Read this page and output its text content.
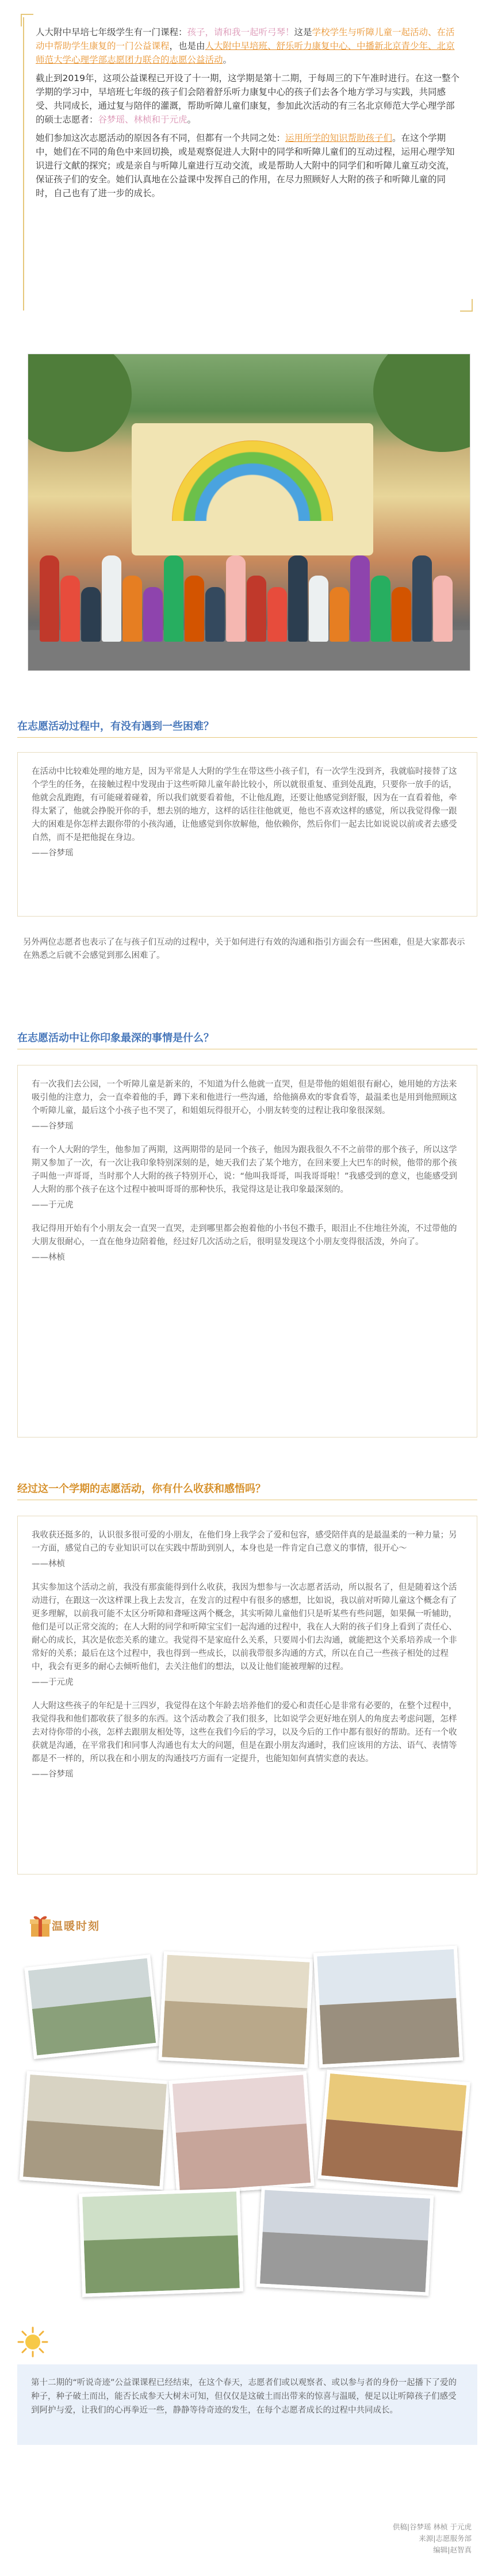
人大附中早培七年级学生有一门课程：孩子，请和我一起听弓琴！这是学校学生与听障儿童一起活动、在活动中帮助学生康复的一门公益课程，也是由人大附中早培班、舒乐听力康复中心、中播新北京青少年、北京师范大学心理学部志愿团力联合的志愿公益活动。

截止到2019年，这项公益课程已开设了十一期，这学期是第十二期，于每周三的下午准时进行。在这一整个学期的学习中，早培班七年级的孩子们会陪着舒乐听力康复中心的孩子们去各个地方学习与实践，共同感受、共同成长，通过复与陪伴的灌溉，帮助听障儿童们康复，参加此次活动的有三名北京师范大学心理学部的硕士志愿者：谷梦瑶、林桢和于元虎。

她们参加这次志愿活动的原因各有不同，但都有一个共同之处：运用所学的知识帮助孩子们。在这个学期中，她们在不同的角色中来回切换，或是观察促进人大附中的同学和听障儿童们的互动过程，运用心理学知识进行文献的探究；或是亲自与听障儿童进行互动交流，或是帮助人大附中的同学们和听障儿童互动交流，保证孩子们的安全。她们认真地在公益课中发挥自己的作用，在尽力照顾好人大附的孩子和听障儿童的同时，自己也有了进一步的成长。

在志愿活动过程中，有没有遇到一些困难？

在活动中比较难处理的地方是，因为平常是人大附的学生在带这些小孩子们，有一次学生没到齐，我就临时接替了这个学生的任务，在接触过程中发现由于这些听障儿童年龄比较小，所以就很重复、重到处乱跑，只要你一放手的话，他就会乱跑跑，有可能碰着碰着，所以我们就要看着他，不让他乱跑，还要让他感觉到舒服，因为在一直看着他，牵得太紧了，他就会挣脱开你的手，想去别的地方，这样的话往往他就更，他也不喜欢这样的感觉，所以我觉得像一跟大的困难是你怎样去跟你带的小孩沟通，让他感觉到你放解他，他依赖你，然后你们一起去比如说说以前或者去感受自然，而不是把他捉在身边。

——谷梦瑶

另外两位志愿者也表示了在与孩子们互动的过程中，关于如何进行有效的沟通和指引方面会有一些困难，但是大家都表示在熟悉之后就不会感觉到那么困难了。
在志愿活动中让你印象最深的事情是什么？

有一次我们去公园，一个听障儿童是新来的，不知道为什么他就一直哭，但是带他的姐姐很有耐心，她用她的方法来吸引他的注意力，会一直牵着他的手，蹲下来和他进行一些沟通，给他摘鼻欢的零食看等，最温柔也是用到他照顾这个听障儿童，最后这个小孩子也不哭了，和姐姐玩得很开心，小朋友转变的过程让我印象很深刻。

——谷梦瑶

有一个人大附的学生，他参加了两期，这两期带的是同一个孩子，他因为跟我很久不不之前带的那个孩子，所以这学期又参加了一次，有一次让我印象特别深刻的是，她天我们去了某个地方，在回来要上大巴车的时候，他带的那个孩子叫他一声哥哥，当时那个人大附的孩子特别开心，说：“他叫我哥哥，叫我哥哥啦！”我感受到的意义，也能感受到人大附的那个孩子在这个过程中被叫哥哥的那种快乐，我觉得这是让我印象最深刻的。

——于元虎

我记得用开始有个小朋友会一直哭一直哭，走到哪里都会抱着他的小书包不撒手，眼泪止不住地往外流，不过带他的大朋友很耐心，一直在他身边陪着他，经过好几次活动之后，很明显发现这个小朋友变得很活泼，外向了。

——林桢

经过这一个学期的志愿活动，你有什么收获和感悟吗？

我收获还挺多的，认识很多很可爱的小朋友，在他们身上我学会了爱和包容，感受陪伴真的是最温柔的一种力量；另一方面，感觉自己的专业知识可以在实践中帮助到别人，本身也是一件肯定自己意义的事情，很开心～

——林桢

其实参加这个活动之前，我没有那蛮能得到什么收获，我因为想参与一次志愿者活动，所以报名了，但是随着这个活动进行，在跟这一次这样课上我上去发言，在发言的过程中有很多的感想，比如说，我以前对听障儿童这个概念有了更多理解，以前我可能不太区分听障和聋哑这两个概念，其实听障儿童他们只是听某些有些问题，如果佩一听辅助，他们是可以正常交流的；在人大附的同学和听障宝宝们一起沟通的过程中，我在人大附的孩子们身上看到了责任心、耐心的成长，其次是依恋关系的建立。我觉得不是家庭什么关系，只要周小们去沟通，就能把这个关系培养成一个非常好的关系；最后在这个过程中，我也得到一些成长，以前我带很多沟通的方式，所以在自己一些孩子相处的过程中，我会有更多的耐心去倾听他们，去关注他们的想法，以及让他们能被理解的过程。

——于元虎

人大附这些孩子的年纪是十三四岁，我觉得在这个年龄去培养他们的爱心和责任心是非常有必要的，在整个过程中，我觉得我和他们都收获了很多的东西。这个活动教会了我们很多，比如说学会更好地在别人的角度去考虑问题，怎样去对待你带的小孩，怎样去跟朋友相处等，这些在我们今后的学习，以及今后的工作中都有很好的帮助。还有一个收获就是沟通，在平常我们和同事人沟通也有太大的问题，但是在跟小朋友沟通时，我们应该用的方法、语气、表情等都是不一样的，所以我在和小朋友的沟通技巧方面有一定提升，也能知如何真情实意的表达。

——谷梦瑶

温暖时刻
第十二期的“听说奇迹”公益课课程已经结束，在这个春天，志愿者们或以观察者、或以参与者的身份一起播下了爱的种子，种子破土而出，能否长成参天大树未可知，但仅仅是这破土而出带来的惊喜与温暖，便足以让听障孩子们感受到阿护与爱，让我们的心再拳近一些，静静等待奇迹的发生，在每个志愿者成长的过程中共同成长。
供稿|谷梦瑶 林桢 于元虎
来源|志愿服务部
编辑|赵智真
